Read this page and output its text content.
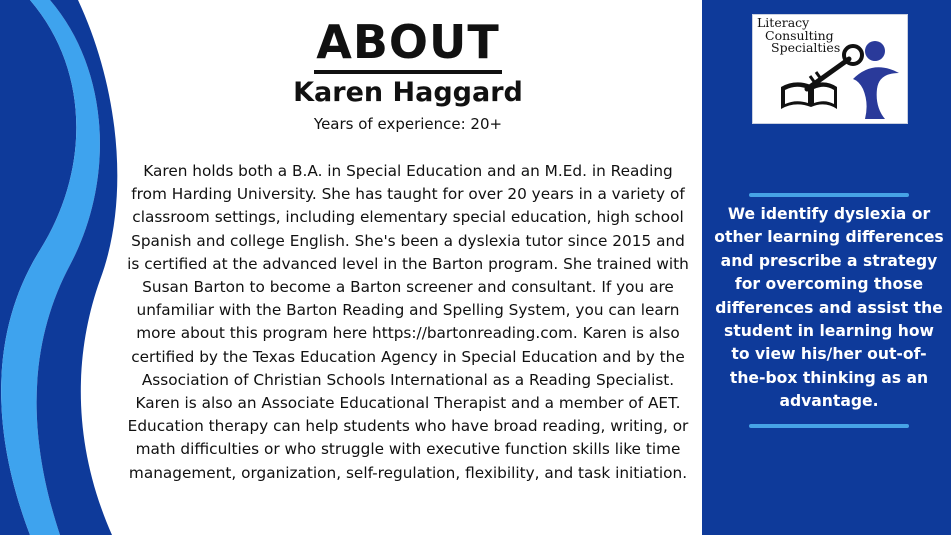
ABOUT
Karen Haggard
Years of experience: 20+

Karen holds both a B.A. in Special Education and an M.Ed. in Reading from Harding University. She has taught for over 20 years in a variety of classroom settings, including elementary special education, high school Spanish and college English. She's been a dyslexia tutor since 2015 and is certified at the advanced level in the Barton program. She trained with Susan Barton to become a Barton screener and consultant. If you are unfamiliar with the Barton Reading and Spelling System, you can learn more about this program here https://bartonreading.com. Karen is also certified by the Texas Education Agency in Special Education and by the Association of Christian Schools International as a Reading Specialist.

Karen is also an Associate Educational Therapist and a member of AET. Education therapy can help students who have broad reading, writing, or math difficulties or who struggle with executive function skills like time management, organization, self-regulation, flexibility, and task initiation.

Literacy
Consulting
Specialties
We identify dyslexia or other learning differences and prescribe a strategy for overcoming those differences and assist the student in learning how to view his/her out-of-the-box thinking as an advantage.
